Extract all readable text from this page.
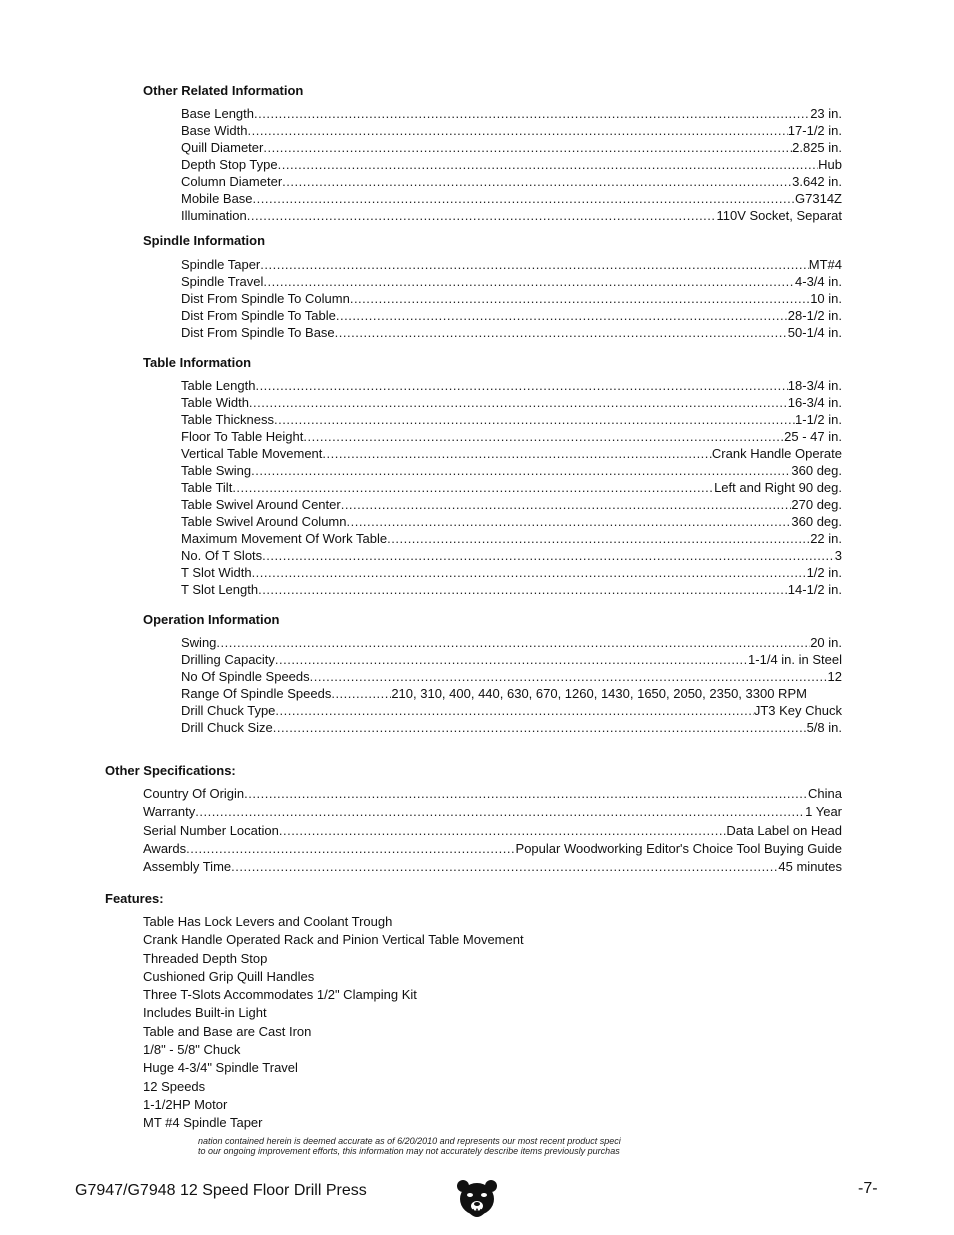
Other Related Information
Base Length .....	23 in.
Base Width .....	17-1/2 in.
Quill Diameter .....	2.825 in.
Depth Stop Type .....	Hub
Column Diameter .....	3.642 in.
Mobile Base .....	G7314Z
Illumination .....	110V Socket, Separat
Spindle Information
Spindle Taper .....	MT#4
Spindle Travel .....	4-3/4 in.
Dist From Spindle To Column .....	10 in.
Dist From Spindle To Table .....	28-1/2 in.
Dist From Spindle To Base .....	50-1/4 in.
Table Information
Table Length .....	18-3/4 in.
Table Width .....	16-3/4 in.
Table Thickness .....	1-1/2 in.
Floor To Table Height .....	25 - 47 in.
Vertical Table Movement .....	Crank Handle Operate
Table Swing .....	360 deg.
Table Tilt .....	Left and Right 90 deg.
Table Swivel Around Center .....	270 deg.
Table Swivel Around Column .....	360 deg.
Maximum Movement Of Work Table .....	22 in.
No. Of T Slots .....	3
T Slot Width .....	1/2 in.
T Slot Length .....	14-1/2 in.
Operation Information
Swing .....	20 in.
Drilling Capacity .....	1-1/4 in. in Steel
No Of Spindle Speeds .....	12
Range Of Spindle Speeds .....	210, 310, 400, 440, 630, 670, 1260, 1430, 1650, 2050, 2350, 3300 RPM
Drill Chuck Type .....	JT3 Key Chuck
Drill Chuck Size .....	5/8 in.
Other Specifications:
Country Of Origin .....	China
Warranty .....	1 Year
Serial Number Location .....	Data Label on Head
Awards .....	Popular Woodworking Editor's Choice Tool Buying Guide
Assembly Time .....	45 minutes
Features:
Table Has Lock Levers and Coolant Trough
Crank Handle Operated Rack and Pinion Vertical Table Movement
Threaded Depth Stop
Cushioned Grip Quill Handles
Three T-Slots Accommodates 1/2" Clamping Kit
Includes Built-in Light
Table and Base are Cast Iron
1/8" - 5/8" Chuck
Huge 4-3/4" Spindle Travel
12 Speeds
1-1/2HP Motor
MT #4 Spindle Taper
nation contained herein is deemed accurate as of 6/20/2010 and represents our most recent product speci
to our ongoing improvement efforts, this information may not accurately describe items previously purchas
G7947/G7948 12 Speed Floor Drill Press	-7-
